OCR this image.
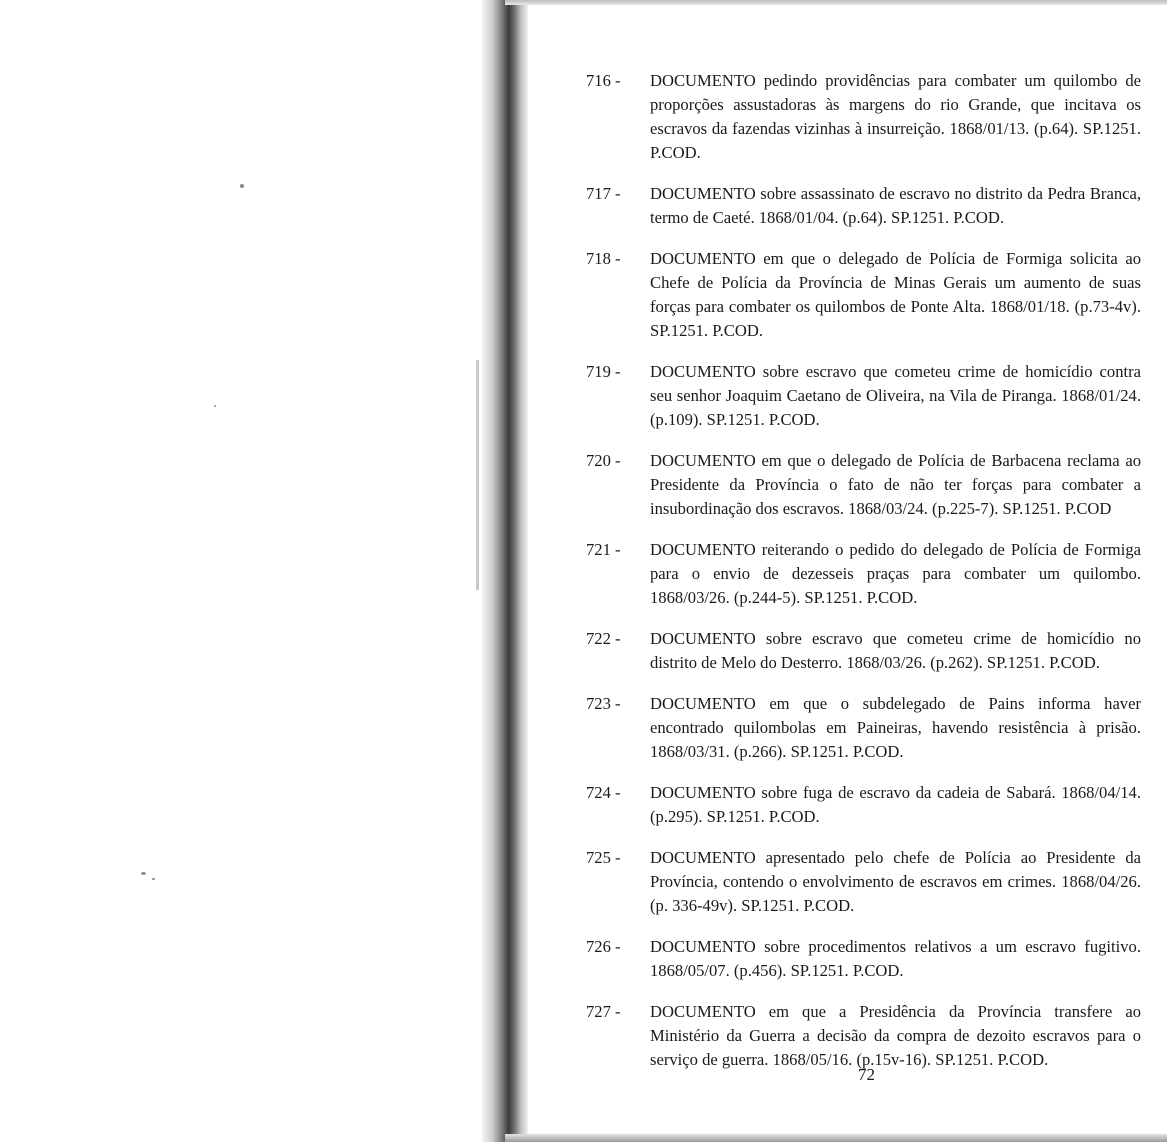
716 - DOCUMENTO pedindo providências para combater um quilombo de proporções assustadoras às margens do rio Grande, que incitava os escravos da fazendas vizinhas à insurreição. 1868/01/13. (p.64). SP.1251. P.COD.
717 - DOCUMENTO sobre assassinato de escravo no distrito da Pedra Branca, termo de Caeté. 1868/01/04. (p.64). SP.1251. P.COD.
718 - DOCUMENTO em que o delegado de Polícia de Formiga solicita ao Chefe de Polícia da Província de Minas Gerais um aumento de suas forças para combater os quilombos de Ponte Alta. 1868/01/18. (p.73-4v). SP.1251. P.COD.
719 - DOCUMENTO sobre escravo que cometeu crime de homicídio contra seu senhor Joaquim Caetano de Oliveira, na Vila de Piranga. 1868/01/24. (p.109). SP.1251. P.COD.
720 - DOCUMENTO em que o delegado de Polícia de Barbacena reclama ao Presidente da Província o fato de não ter forças para combater a insubordinação dos escravos. 1868/03/24. (p.225-7). SP.1251. P.COD
721 - DOCUMENTO reiterando o pedido do delegado de Polícia de Formiga para o envio de dezesseis praças para combater um quilombo. 1868/03/26. (p.244-5). SP.1251. P.COD.
722 - DOCUMENTO sobre escravo que cometeu crime de homicídio no distrito de Melo do Desterro. 1868/03/26. (p.262). SP.1251. P.COD.
723 - DOCUMENTO em que o subdelegado de Pains informa haver encontrado quilombolas em Paineiras, havendo resistência à prisão. 1868/03/31. (p.266). SP.1251. P.COD.
724 - DOCUMENTO sobre fuga de escravo da cadeia de Sabará. 1868/04/14. (p.295). SP.1251. P.COD.
725 - DOCUMENTO apresentado pelo chefe de Polícia ao Presidente da Província, contendo o envolvimento de escravos em crimes. 1868/04/26. (p. 336-49v). SP.1251. P.COD.
726 - DOCUMENTO sobre procedimentos relativos a um escravo fugitivo. 1868/05/07. (p.456). SP.1251. P.COD.
727 - DOCUMENTO em que a Presidência da Província transfere ao Ministério da Guerra a decisão da compra de dezoito escravos para o serviço de guerra. 1868/05/16. (p.15v-16). SP.1251. P.COD.
72
